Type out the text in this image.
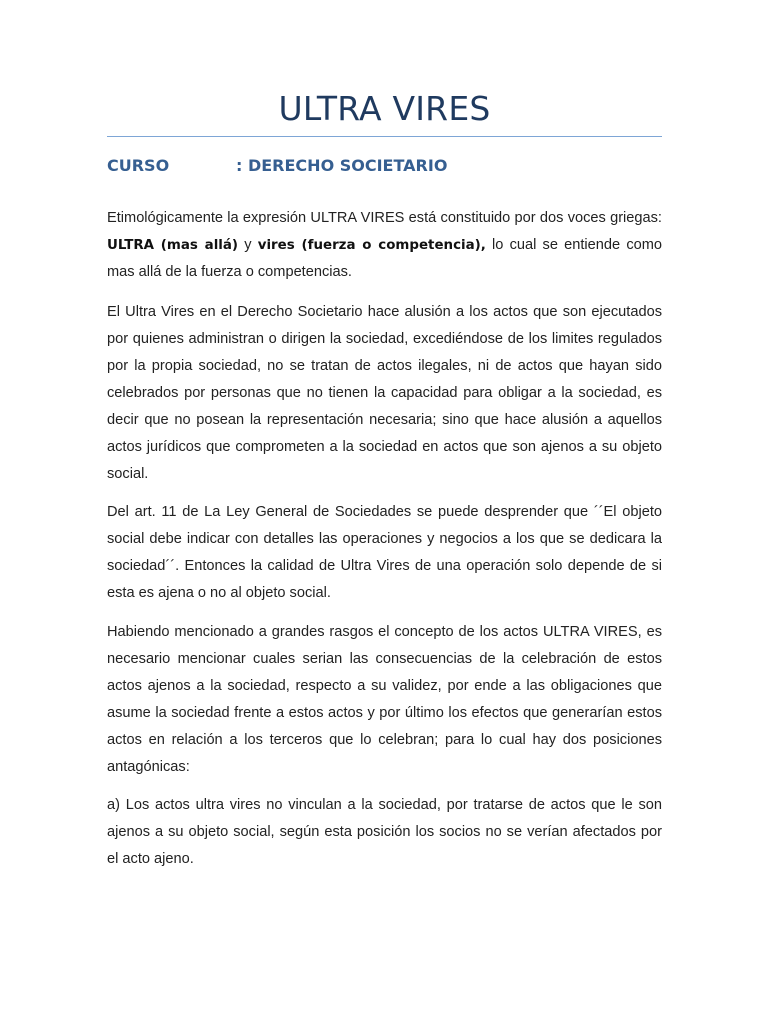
ULTRA VIRES
CURSO	: DERECHO SOCIETARIO

Etimológicamente la expresión ULTRA VIRES está constituido por dos voces griegas: ULTRA (mas allá) y vires (fuerza o competencia), lo cual se entiende como mas allá de la fuerza o competencias.

El Ultra Vires en el Derecho Societario hace alusión a los actos que son ejecutados por quienes administran o dirigen la sociedad, excediéndose de los limites regulados por la propia sociedad, no se tratan de actos ilegales, ni de actos que hayan sido celebrados por personas que no tienen la capacidad para obligar a la sociedad, es decir que no posean la representación necesaria; sino que hace alusión a aquellos actos jurídicos que comprometen a la sociedad en actos que son ajenos a su objeto social.

Del art. 11 de La Ley General de Sociedades se puede desprender que ´´El objeto social debe indicar con detalles las operaciones y negocios a los que se dedicara la sociedad´´. Entonces la calidad de Ultra Vires de una operación solo depende de si esta es ajena o no al objeto social.

Habiendo mencionado a grandes rasgos el concepto de los actos ULTRA VIRES, es necesario mencionar cuales serian las consecuencias de la celebración de estos actos ajenos a la sociedad, respecto a su validez, por ende a las obligaciones que asume la sociedad frente a estos actos y por último los efectos que generarían estos actos en relación a los terceros que lo celebran; para lo cual hay dos posiciones antagónicas:

a) Los actos ultra vires no vinculan a la sociedad, por tratarse de actos que le son ajenos a su objeto social, según esta posición los socios no se verían afectados por el acto ajeno.
